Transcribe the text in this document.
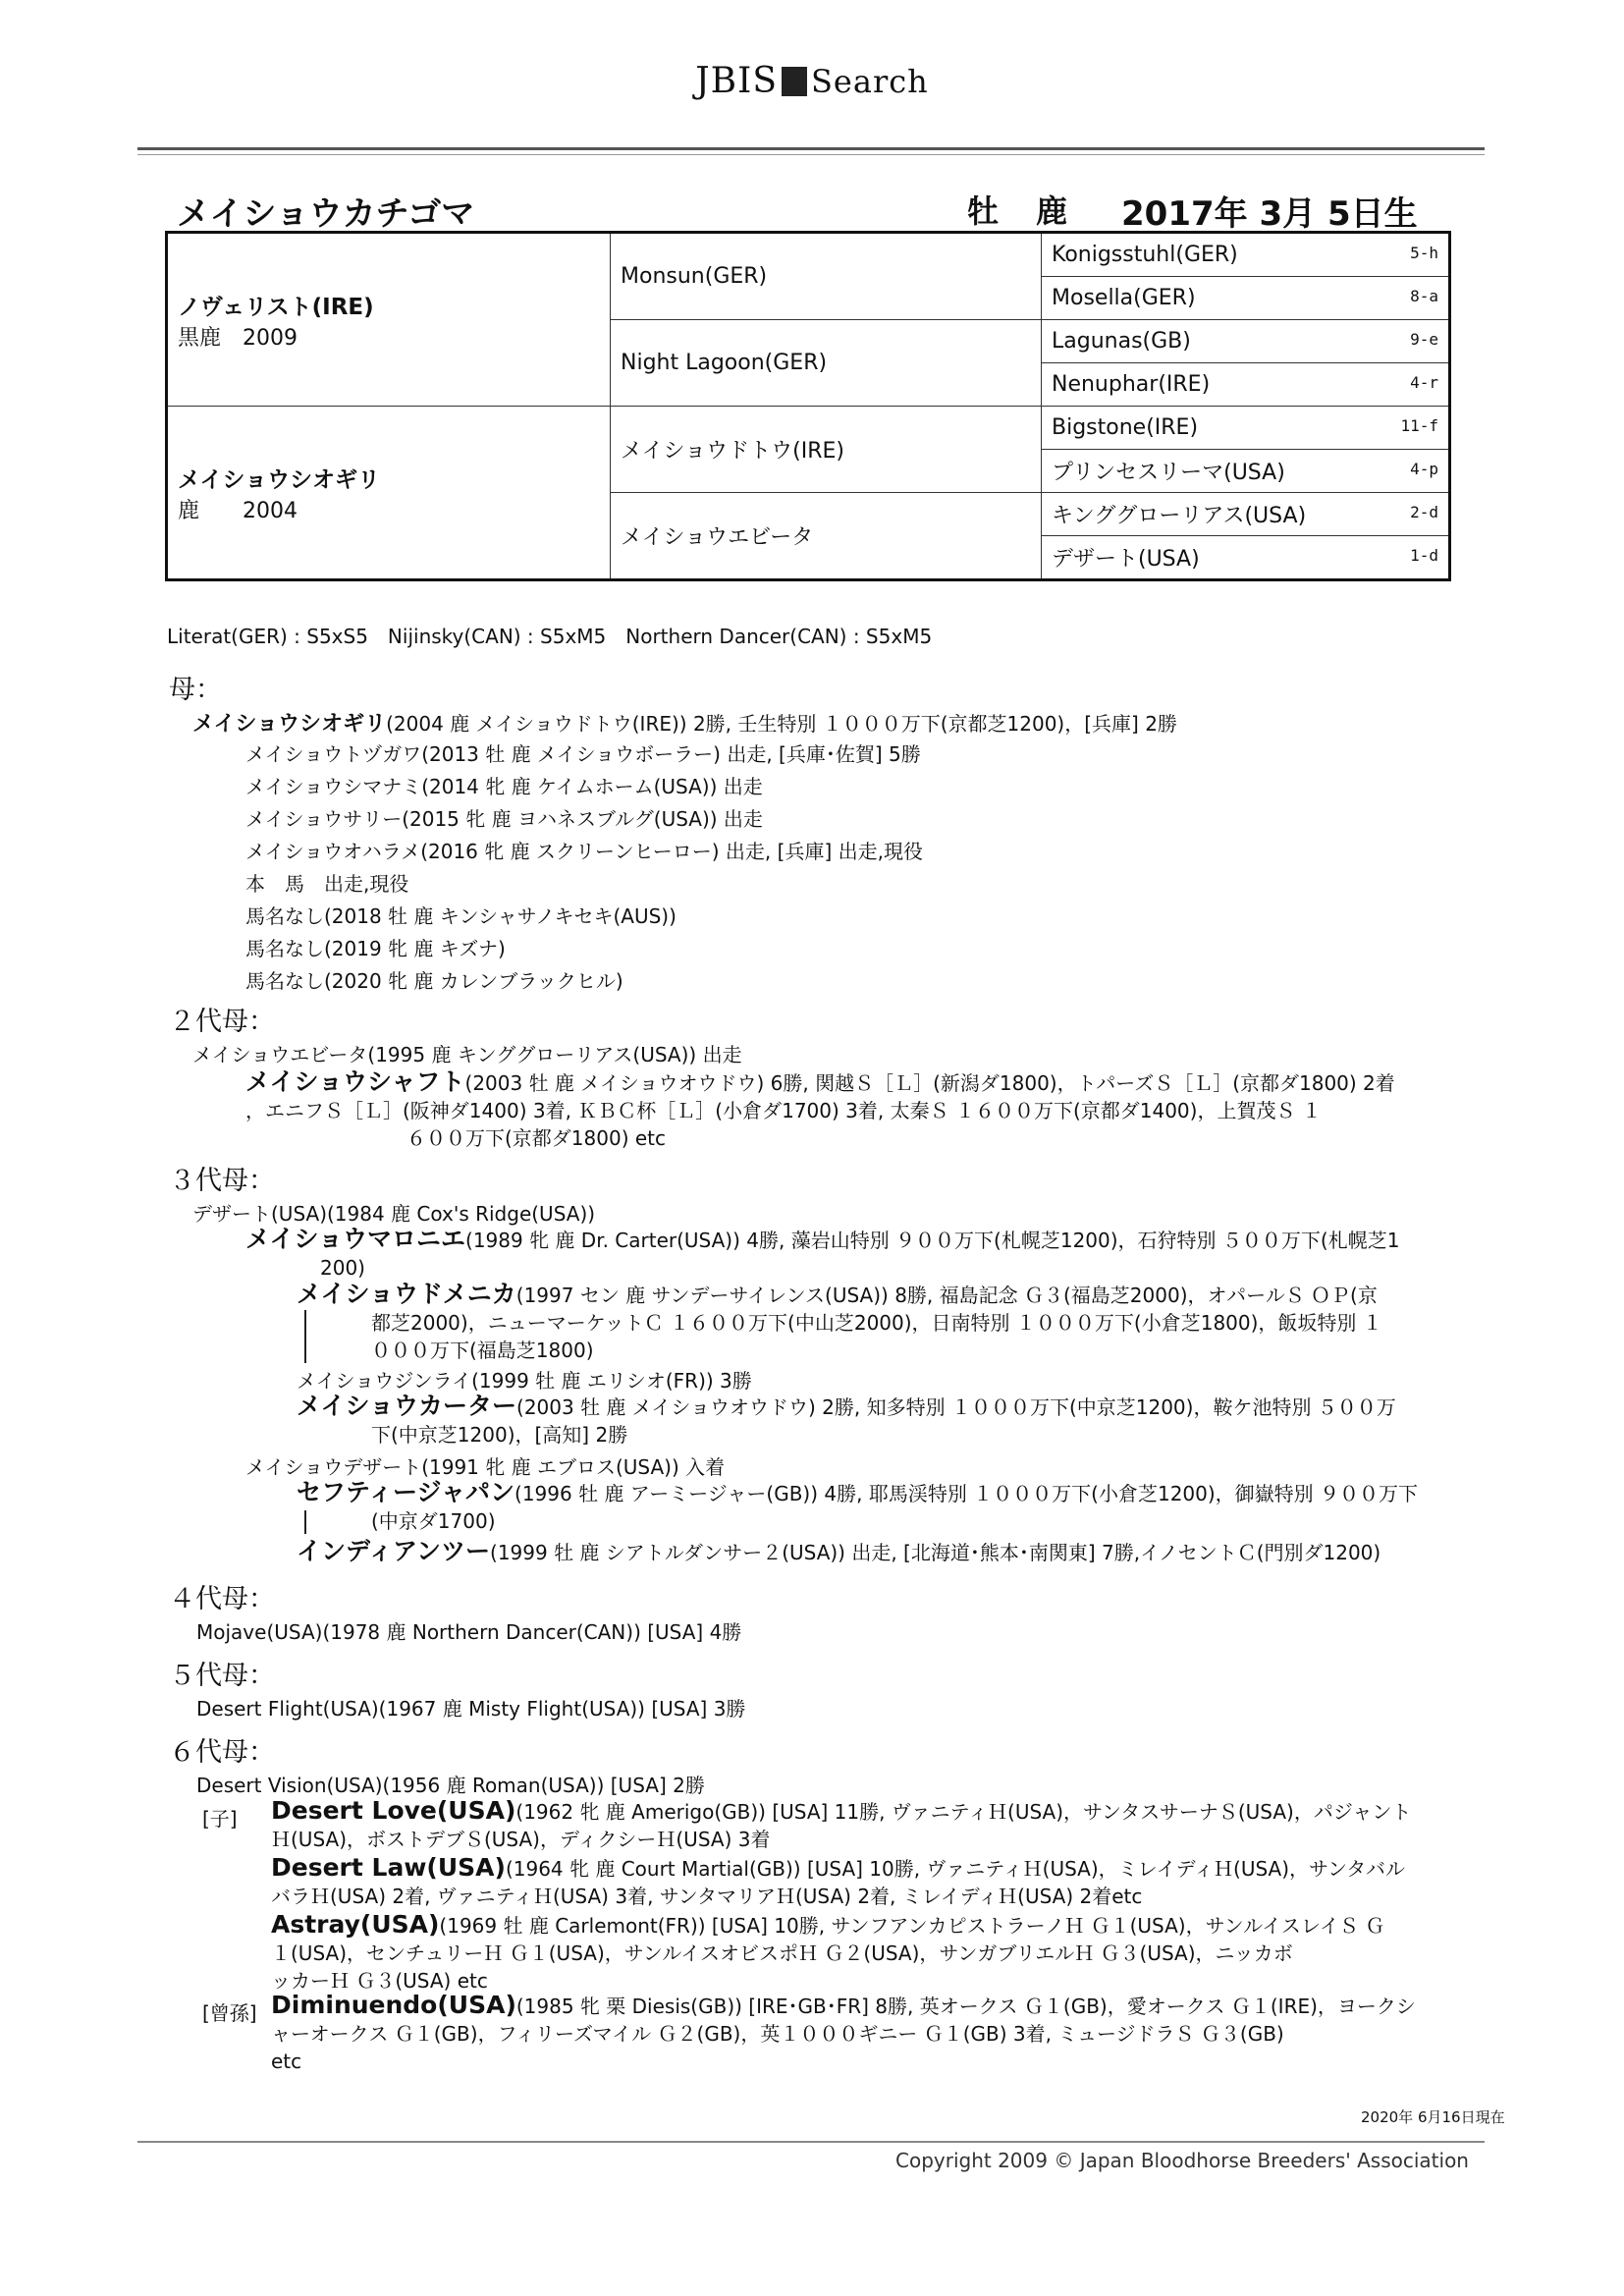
JBIS Search
メイショウカチゴマ	牡 鹿 2017年 3月 5日生
ノヴェリスト(IRE)
黒鹿　2009	Monsun(GER)	Konigsstuhl(GER) 5-h

		Mosella(GER) 8-a

	Night Lagoon(GER)	Lagunas(GB) 9-e

		Nenuphar(IRE) 4-r

メイショウシオギリ
鹿　　2004	メイショウドトウ(IRE)	Bigstone(IRE) 11-f

		プリンセスリーマ(USA) 4-p

	メイショウエビータ	キンググローリアス(USA) 2-d

		デザート(USA) 1-d
Literat(GER) : S5xS5　Nijinsky(CAN) : S5xM5　Northern Dancer(CAN) : S5xM5
母：
メイショウシオギリ(2004 鹿 メイショウドトウ(IRE)) 2勝, 壬生特別 １０００万下(京都芝1200)，[兵庫] 2勝
メイショウトヅガワ(2013 牡 鹿 メイショウボーラー) 出走, [兵庫･佐賀] 5勝
メイショウシマナミ(2014 牝 鹿 ケイムホーム(USA)) 出走
メイショウサリー(2015 牝 鹿 ヨハネスブルグ(USA)) 出走
メイショウオハラメ(2016 牝 鹿 スクリーンヒーロー) 出走, [兵庫] 出走,現役
本　馬　出走,現役
馬名なし(2018 牡 鹿 キンシャサノキセキ(AUS))
馬名なし(2019 牝 鹿 キズナ)
馬名なし(2020 牝 鹿 カレンブラックヒル)
２代母：
メイショウエビータ(1995 鹿 キンググローリアス(USA)) 出走
メイショウシャフト(2003 牡 鹿 メイショウオウドウ) 6勝, 関越Ｓ［Ｌ］(新潟ダ1800)，トパーズＳ［Ｌ］(京都ダ1800) 2着
，エニフＳ［Ｌ］(阪神ダ1400) 3着, ＫＢＣ杯［Ｌ］(小倉ダ1700) 3着, 太秦Ｓ １６００万下(京都ダ1400)，上賀茂Ｓ １
６００万下(京都ダ1800) etc
３代母：
デザート(USA)(1984 鹿 Cox's Ridge(USA))
メイショウマロニエ(1989 牝 鹿 Dr. Carter(USA)) 4勝, 藻岩山特別 ９００万下(札幌芝1200)，石狩特別 ５００万下(札幌芝1
200)
メイショウドメニカ(1997 セン 鹿 サンデーサイレンス(USA)) 8勝, 福島記念 Ｇ３(福島芝2000)，オパールＳ ＯＰ(京
都芝2000)，ニューマーケットＣ １６００万下(中山芝2000)，日南特別 １０００万下(小倉芝1800)，飯坂特別 １
０００万下(福島芝1800)
メイショウジンライ(1999 牡 鹿 エリシオ(FR)) 3勝
メイショウカーター(2003 牡 鹿 メイショウオウドウ) 2勝, 知多特別 １０００万下(中京芝1200)，鞍ケ池特別 ５００万
下(中京芝1200)，[高知] 2勝
メイショウデザート(1991 牝 鹿 エブロス(USA)) 入着
セフティージャパン(1996 牡 鹿 アーミージャー(GB)) 4勝, 耶馬渓特別 １０００万下(小倉芝1200)，御嶽特別 ９００万下
(中京ダ1700)
インディアンツー(1999 牡 鹿 シアトルダンサー２(USA)) 出走, [北海道･熊本･南関東] 7勝,イノセントＣ(門別ダ1200)
４代母：
Mojave(USA)(1978 鹿 Northern Dancer(CAN)) [USA] 4勝
５代母：
Desert Flight(USA)(1967 鹿 Misty Flight(USA)) [USA] 3勝
６代母：
Desert Vision(USA)(1956 鹿 Roman(USA)) [USA] 2勝
[子] Desert Love(USA)(1962 牝 鹿 Amerigo(GB)) [USA] 11勝, ヴァニティＨ(USA)，サンタスサーナＳ(USA)，パジャント
Ｈ(USA)，ボストデブＳ(USA)，ディクシーＨ(USA) 3着
Desert Law(USA)(1964 牝 鹿 Court Martial(GB)) [USA] 10勝, ヴァニティＨ(USA)，ミレイディＨ(USA)，サンタバル
バラＨ(USA) 2着, ヴァニティＨ(USA) 3着, サンタマリアＨ(USA) 2着, ミレイディＨ(USA) 2着etc
Astray(USA)(1969 牡 鹿 Carlemont(FR)) [USA] 10勝, サンフアンカピストラーノＨ Ｇ１(USA)，サンルイスレイＳ Ｇ
１(USA)，センチュリーＨ Ｇ１(USA)，サンルイスオビスポＨ Ｇ２(USA)，サンガブリエルＨ Ｇ３(USA)，ニッカボ
ッカーＨ Ｇ３(USA) etc
[曾孫] Diminuendo(USA)(1985 牝 栗 Diesis(GB)) [IRE･GB･FR] 8勝, 英オークス Ｇ１(GB)，愛オークス Ｇ１(IRE)，ヨークシ
ャーオークス Ｇ１(GB)，フィリーズマイル Ｇ２(GB)，英１０００ギニー Ｇ１(GB) 3着, ミュージドラＳ Ｇ３(GB)
etc
2020年 6月16日現在
Copyright 2009 © Japan Bloodhorse Breeders' Association
